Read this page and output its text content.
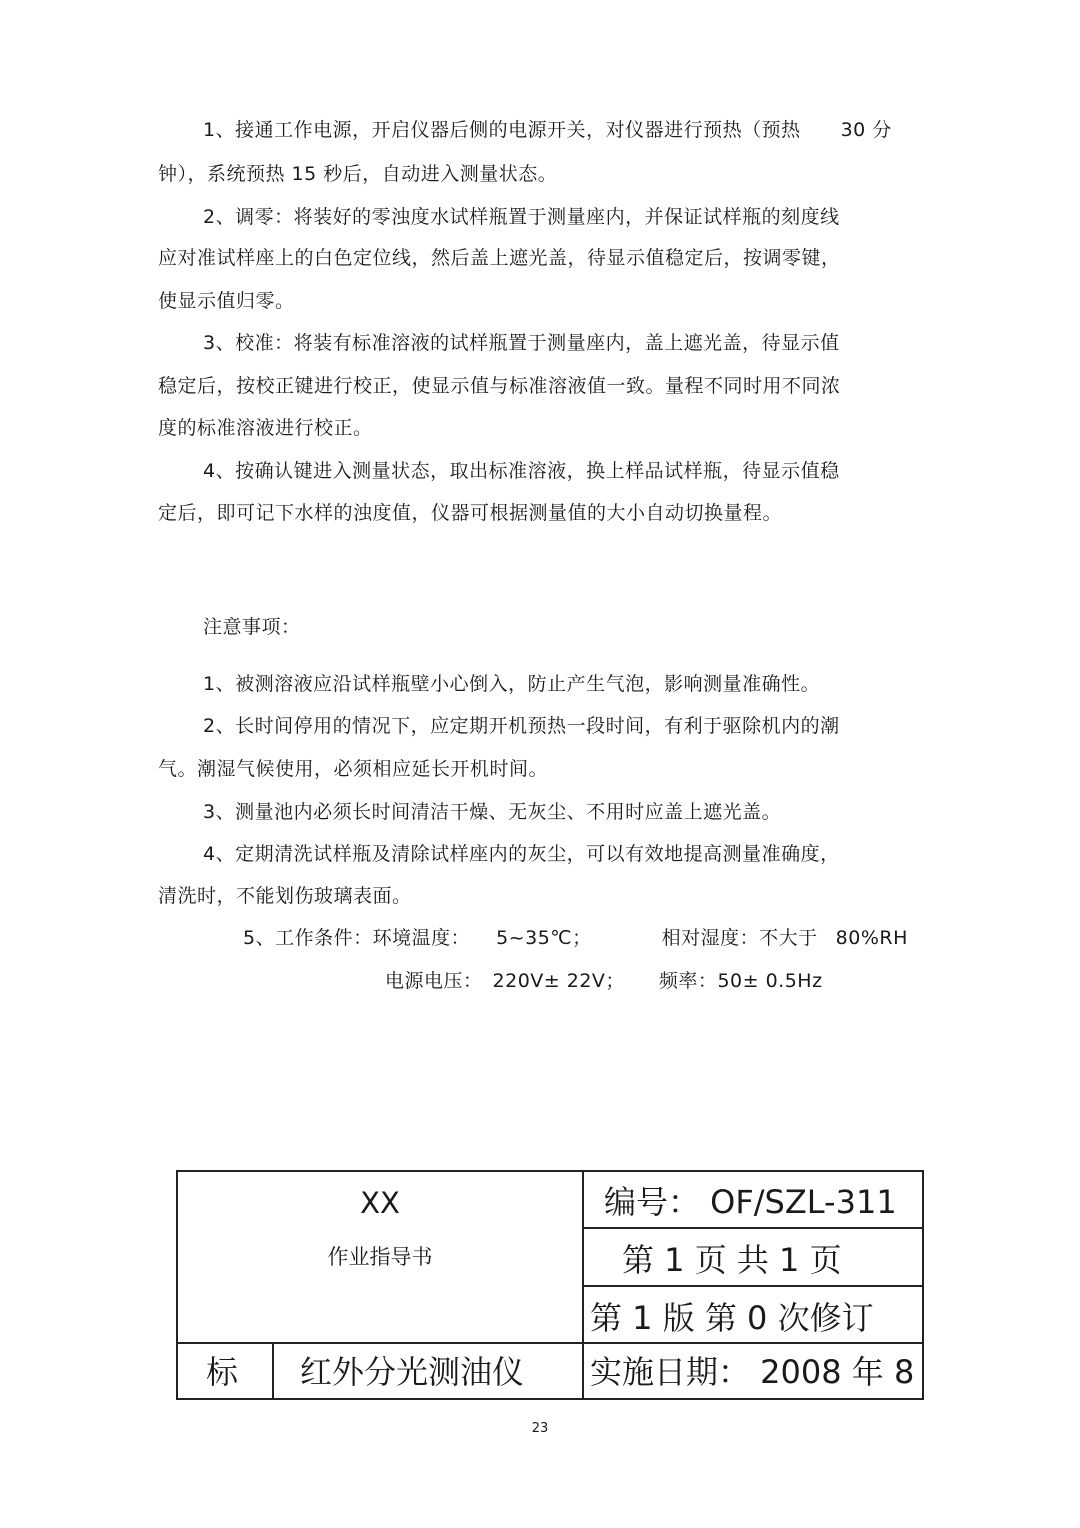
1、接通工作电源，开启仪器后侧的电源开关，对仪器进行预热（预热 30 分
钟），系统预热 15 秒后，自动进入测量状态。
2、调零：将装好的零浊度水试样瓶置于测量座内，并保证试样瓶的刻度线
应对准试样座上的白色定位线，然后盖上遮光盖，待显示值稳定后，按调零键，
使显示值归零。
3、校准：将装有标准溶液的试样瓶置于测量座内，盖上遮光盖，待显示值
稳定后，按校正键进行校正，使显示值与标准溶液值一致。量程不同时用不同浓
度的标准溶液进行校正。
4、按确认键进入测量状态，取出标准溶液，换上样品试样瓶，待显示值稳
定后，即可记下水样的浊度值，仪器可根据测量值的大小自动切换量程。
注意事项：
1、被测溶液应沿试样瓶壁小心倒入，防止产生气泡，影响测量准确性。
2、长时间停用的情况下，应定期开机预热一段时间，有利于驱除机内的潮
气。潮湿气候使用，必须相应延长开机时间。
3、测量池内必须长时间清洁干燥、无灰尘、不用时应盖上遮光盖。
4、定期清洗试样瓶及清除试样座内的灰尘，可以有效地提高测量准确度，
清洗时，不能划伤玻璃表面。
5、工作条件：环境温度： 5~35℃；	相对湿度：不大于 80%RH
电源电压： 220V± 22V； 频率：50± 0.5Hz
XX
作业指导书
编号： OF/SZL-311
第 1 页 共 1 页
第 1 版 第 0 次修订
标 红外分光测油仪 实施日期： 2008 年 8
23
